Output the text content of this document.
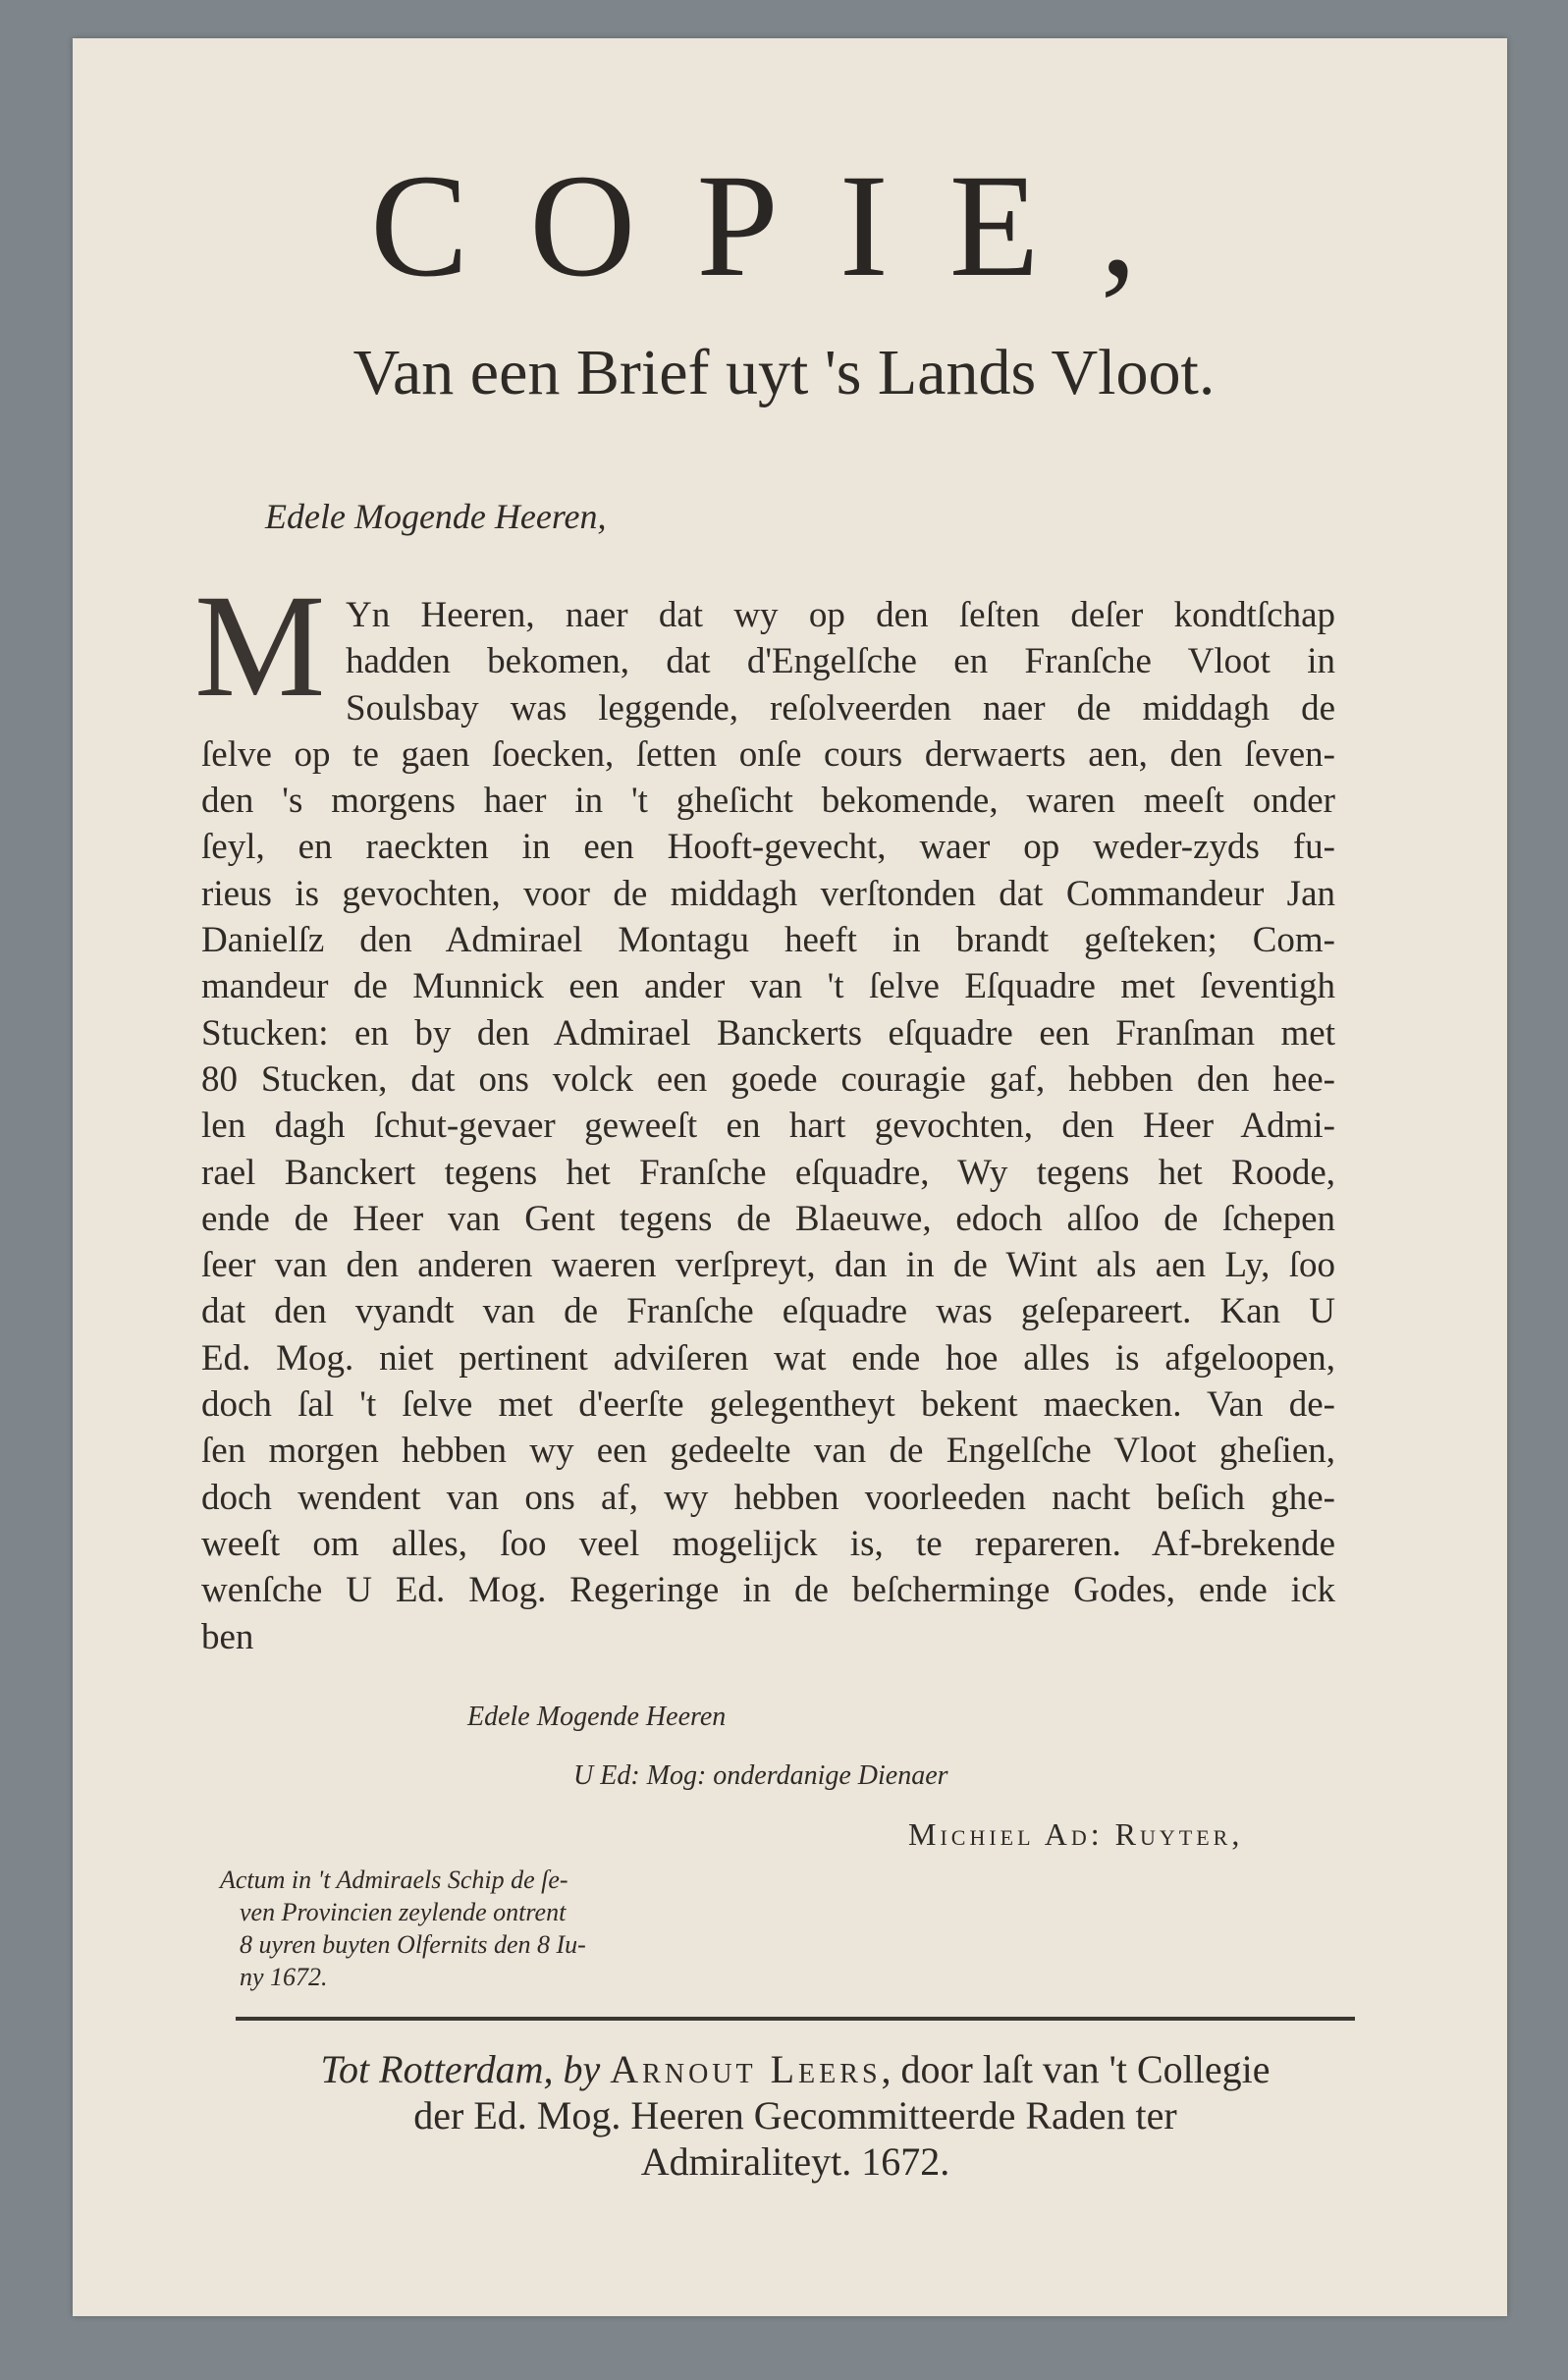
COPIE,
Van een Brief uyt 's Lands Vloot.
Edele Mogende Heeren,
M Yn Heeren, naer dat wy op den ſeſten deſer kondtſchap
hadden bekomen, dat d'Engelſche en Franſche Vloot in
Soulsbay was leggende, reſolveerden naer de middagh de
ſelve op te gaen ſoecken, ſetten onſe cours derwaerts aen, den ſeven-
den 's morgens haer in 't gheſicht bekomende, waren meeſt onder
ſeyl, en raeckten in een Hooft-gevecht, waer op weder-zyds fu-
rieus is gevochten, voor de middagh verſtonden dat Commandeur Jan
Danielſz den Admirael Montagu heeft in brandt geſteken; Com-
mandeur de Munnick een ander van 't ſelve Eſquadre met ſeventigh
Stucken: en by den Admirael Banckerts eſquadre een Franſman met
80 Stucken, dat ons volck een goede couragie gaf, hebben den hee-
len dagh ſchut-gevaer geweeſt en hart gevochten, den Heer Admi-
rael Banckert tegens het Franſche eſquadre, Wy tegens het Roode,
ende de Heer van Gent tegens de Blaeuwe, edoch alſoo de ſchepen
ſeer van den anderen waeren verſpreyt, dan in de Wint als aen Ly, ſoo
dat den vyandt van de Franſche eſquadre was geſepareert. Kan U
Ed. Mog. niet pertinent adviſeren wat ende hoe alles is afgeloopen,
doch ſal 't ſelve met d'eerſte gelegentheyt bekent maecken. Van de-
ſen morgen hebben wy een gedeelte van de Engelſche Vloot gheſien,
doch wendent van ons af, wy hebben voorleeden nacht beſich ghe-
weeſt om alles, ſoo veel mogelijck is, te repareren. Af-brekende
wenſche U Ed. Mog. Regeringe in de beſcherminge Godes, ende ick
ben
Edele Mogende Heeren
U Ed: Mog: onderdanige Dienaer
Michiel Ad: Ruyter,
Actum in 't Admiraels Schip de ſe-
ven Provincien zeylende ontrent
8 uyren buyten Olfernits den 8 Iu-
ny 1672.
Tot Rotterdam, by Arnout Leers, door laſt van 't Collegie
der Ed. Mog. Heeren Gecommitteerde Raden ter
Admiraliteyt. 1672.
